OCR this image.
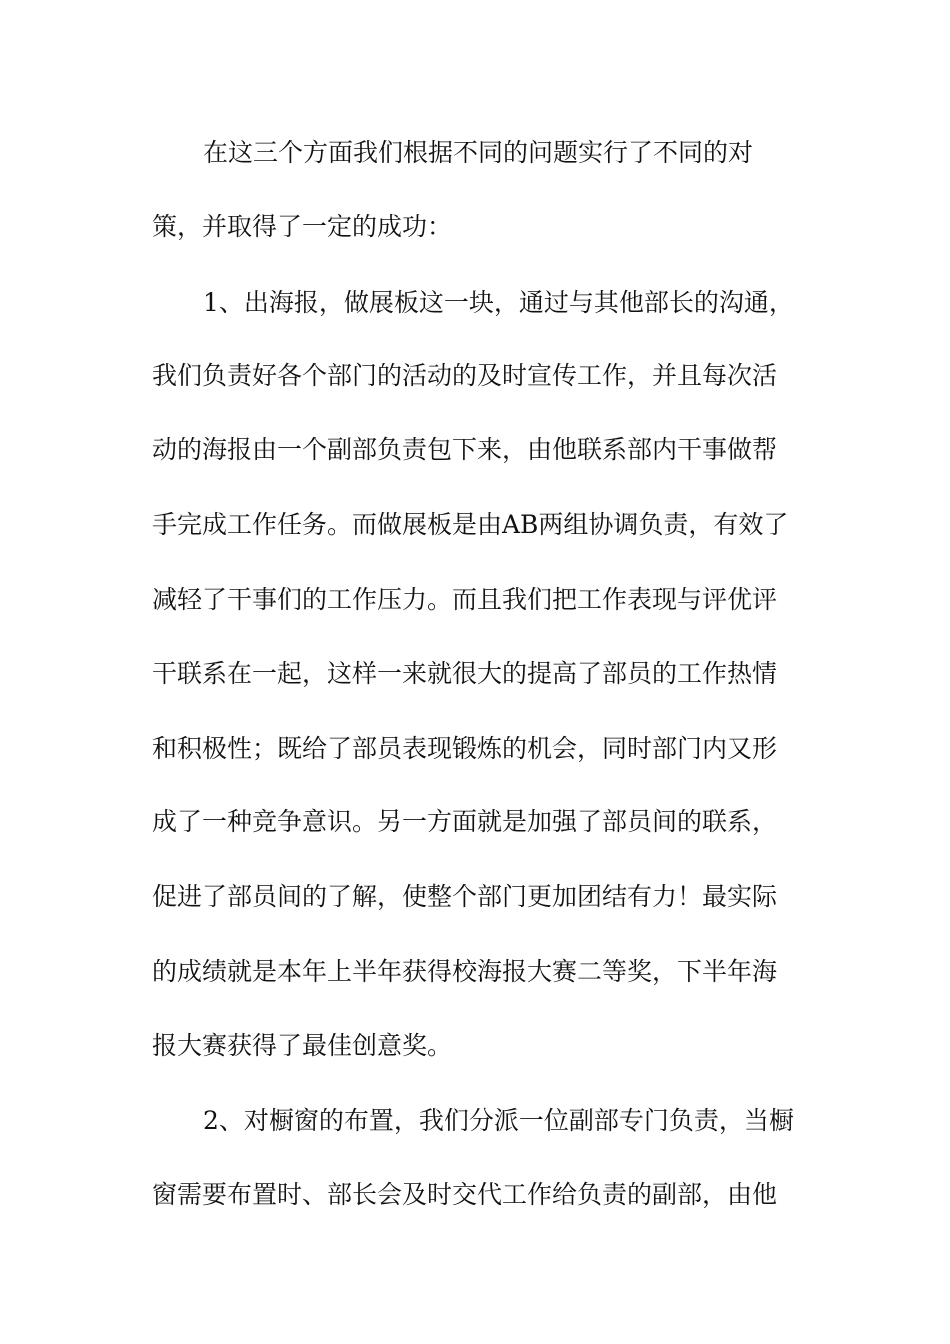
在这三个方面我们根据不同的问题实行了不同的对
策，并取得了一定的成功：
1、出海报，做展板这一块，通过与其他部长的沟通，
我们负责好各个部门的活动的及时宣传工作，并且每次活
动的海报由一个副部负责包下来，由他联系部内干事做帮
手完成工作任务。而做展板是由AB两组协调负责，有效了
减轻了干事们的工作压力。而且我们把工作表现与评优评
干联系在一起，这样一来就很大的提高了部员的工作热情
和积极性；既给了部员表现锻炼的机会，同时部门内又形
成了一种竞争意识。另一方面就是加强了部员间的联系，
促进了部员间的了解，使整个部门更加团结有力！最实际
的成绩就是本年上半年获得校海报大赛二等奖，下半年海
报大赛获得了最佳创意奖。
2、对橱窗的布置，我们分派一位副部专门负责，当橱
窗需要布置时、部长会及时交代工作给负责的副部，由他
